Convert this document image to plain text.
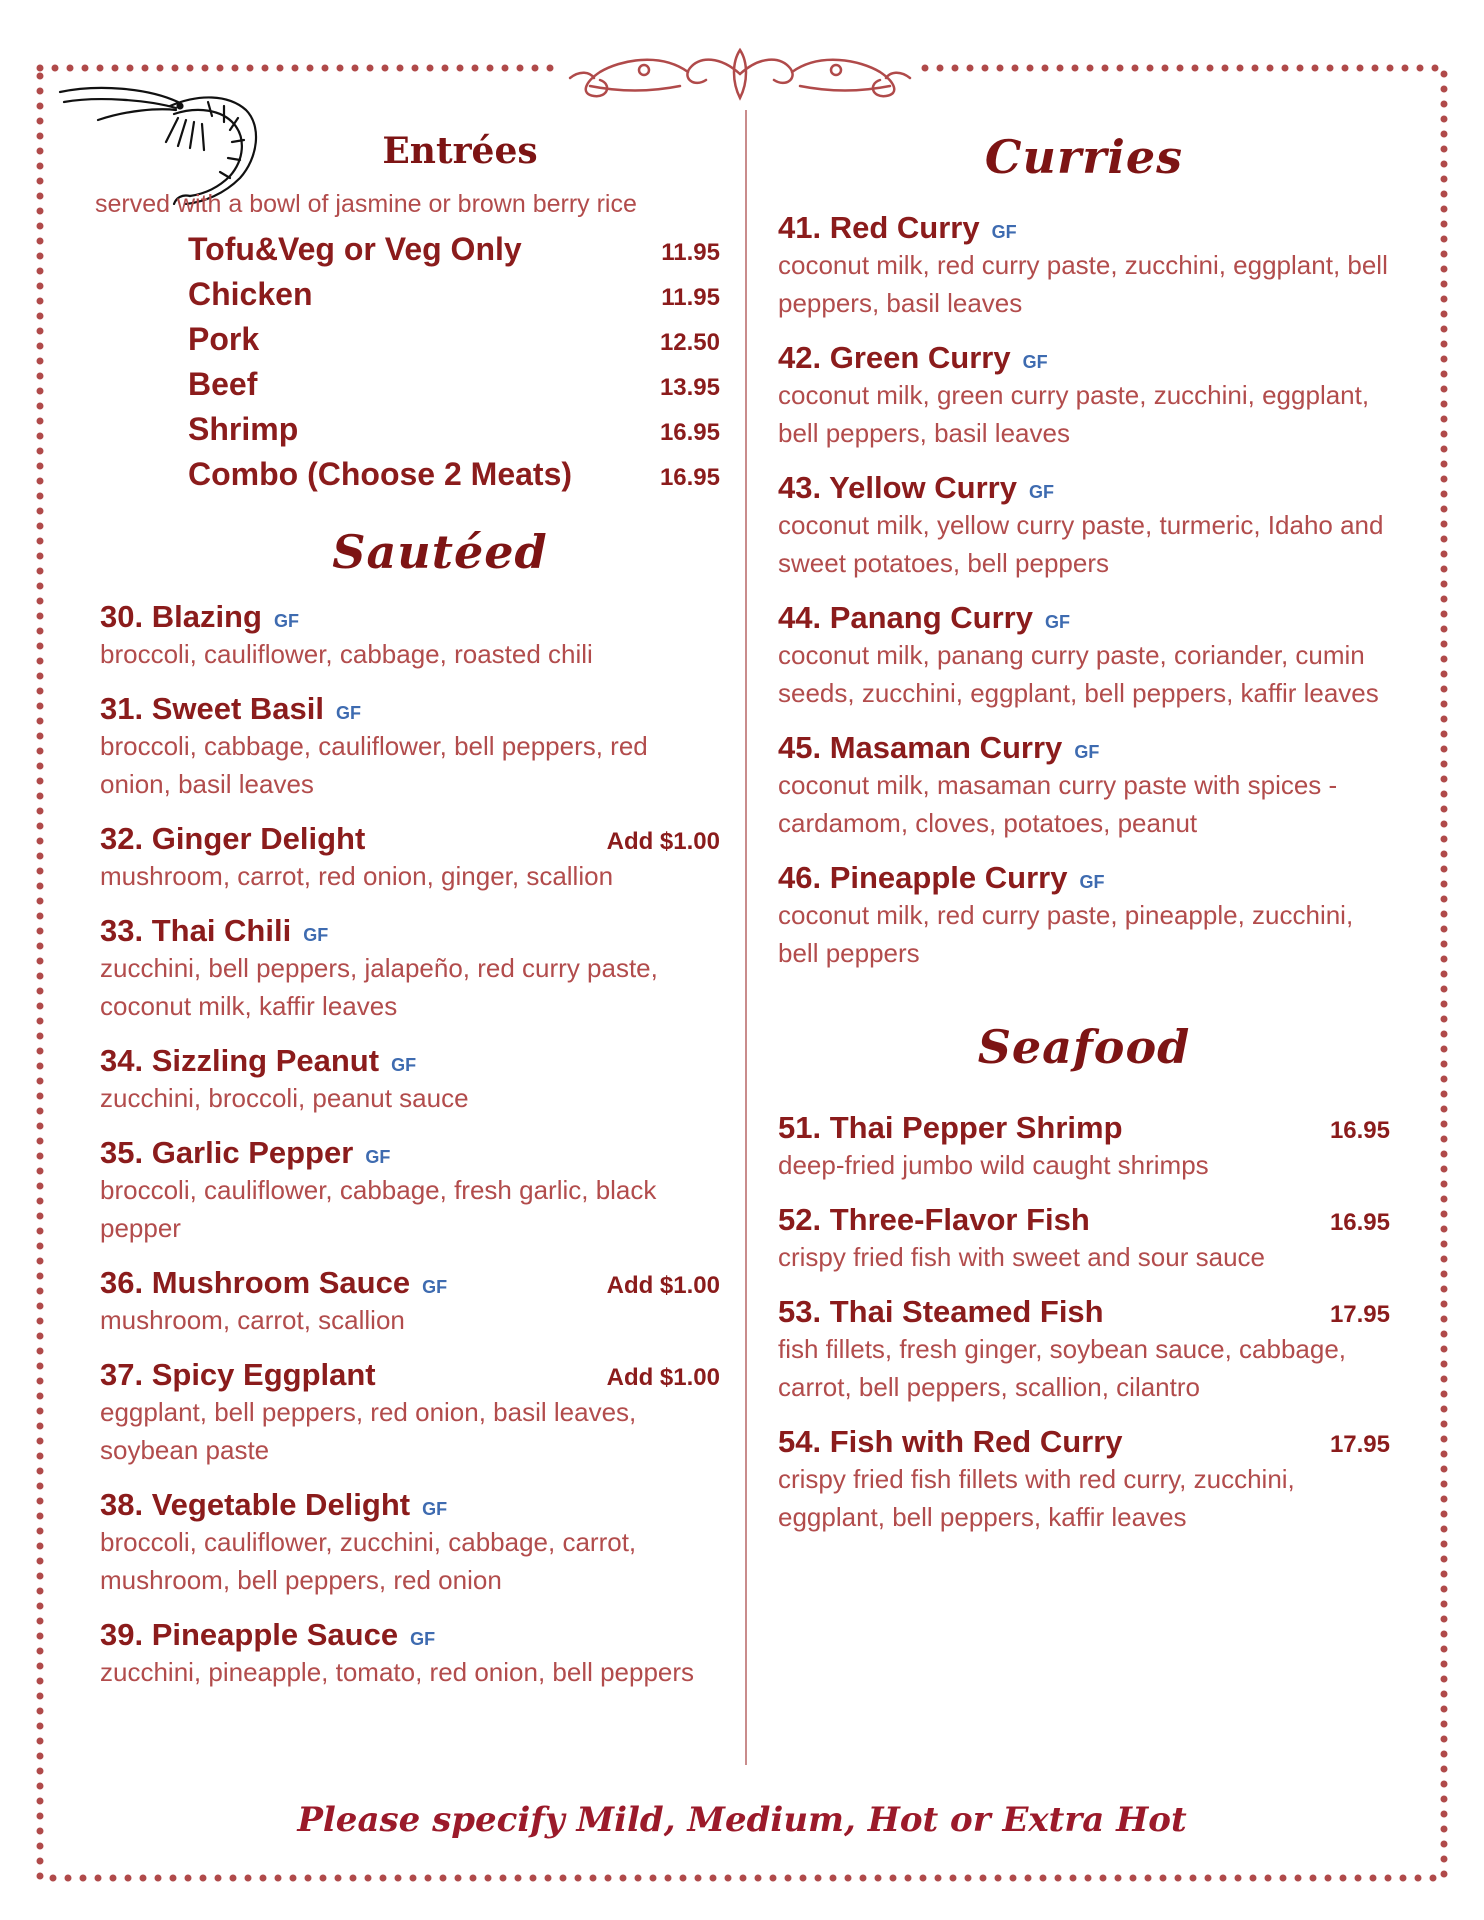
Entrées
served with a bowl of jasmine or brown berry rice
Tofu&Veg or Veg Only	11.95
Chicken	11.95
Pork	12.50
Beef	13.95
Shrimp	16.95
Combo (Choose 2 Meats)	16.95
Sautéed
30. Blazing GF
broccoli, cauliflower, cabbage, roasted chili
31. Sweet Basil GF
broccoli, cabbage, cauliflower, bell peppers, red onion, basil leaves
32. Ginger Delight	Add $1.00
mushroom, carrot, red onion, ginger, scallion
33. Thai Chili GF
zucchini, bell peppers, jalapeño, red curry paste, coconut milk, kaffir leaves
34. Sizzling Peanut GF
zucchini, broccoli, peanut sauce
35. Garlic Pepper GF
broccoli, cauliflower, cabbage, fresh garlic, black pepper
36. Mushroom Sauce GF	Add $1.00
mushroom, carrot, scallion
37. Spicy Eggplant	Add $1.00
eggplant, bell peppers, red onion, basil leaves, soybean paste
38. Vegetable Delight GF
broccoli, cauliflower, zucchini, cabbage, carrot, mushroom, bell peppers, red onion
39. Pineapple Sauce GF
zucchini, pineapple, tomato, red onion, bell peppers
Curries
41. Red Curry GF
coconut milk, red curry paste, zucchini, eggplant, bell peppers, basil leaves
42. Green Curry GF
coconut milk, green curry paste, zucchini, eggplant, bell peppers, basil leaves
43. Yellow Curry GF
coconut milk, yellow curry paste, turmeric, Idaho and sweet potatoes, bell peppers
44. Panang Curry GF
coconut milk, panang curry paste, coriander, cumin seeds, zucchini, eggplant, bell peppers, kaffir leaves
45. Masaman Curry GF
coconut milk, masaman curry paste with spices - cardamom, cloves, potatoes, peanut
46. Pineapple Curry GF
coconut milk, red curry paste, pineapple, zucchini, bell peppers
Seafood
51. Thai Pepper Shrimp	16.95
deep-fried jumbo wild caught shrimps
52. Three-Flavor Fish	16.95
crispy fried fish with sweet and sour sauce
53. Thai Steamed Fish	17.95
fish fillets, fresh ginger, soybean sauce, cabbage, carrot, bell peppers, scallion, cilantro
54. Fish with Red Curry	17.95
crispy fried fish fillets with red curry, zucchini, eggplant, bell peppers, kaffir leaves
Please specify Mild, Medium, Hot or Extra Hot
